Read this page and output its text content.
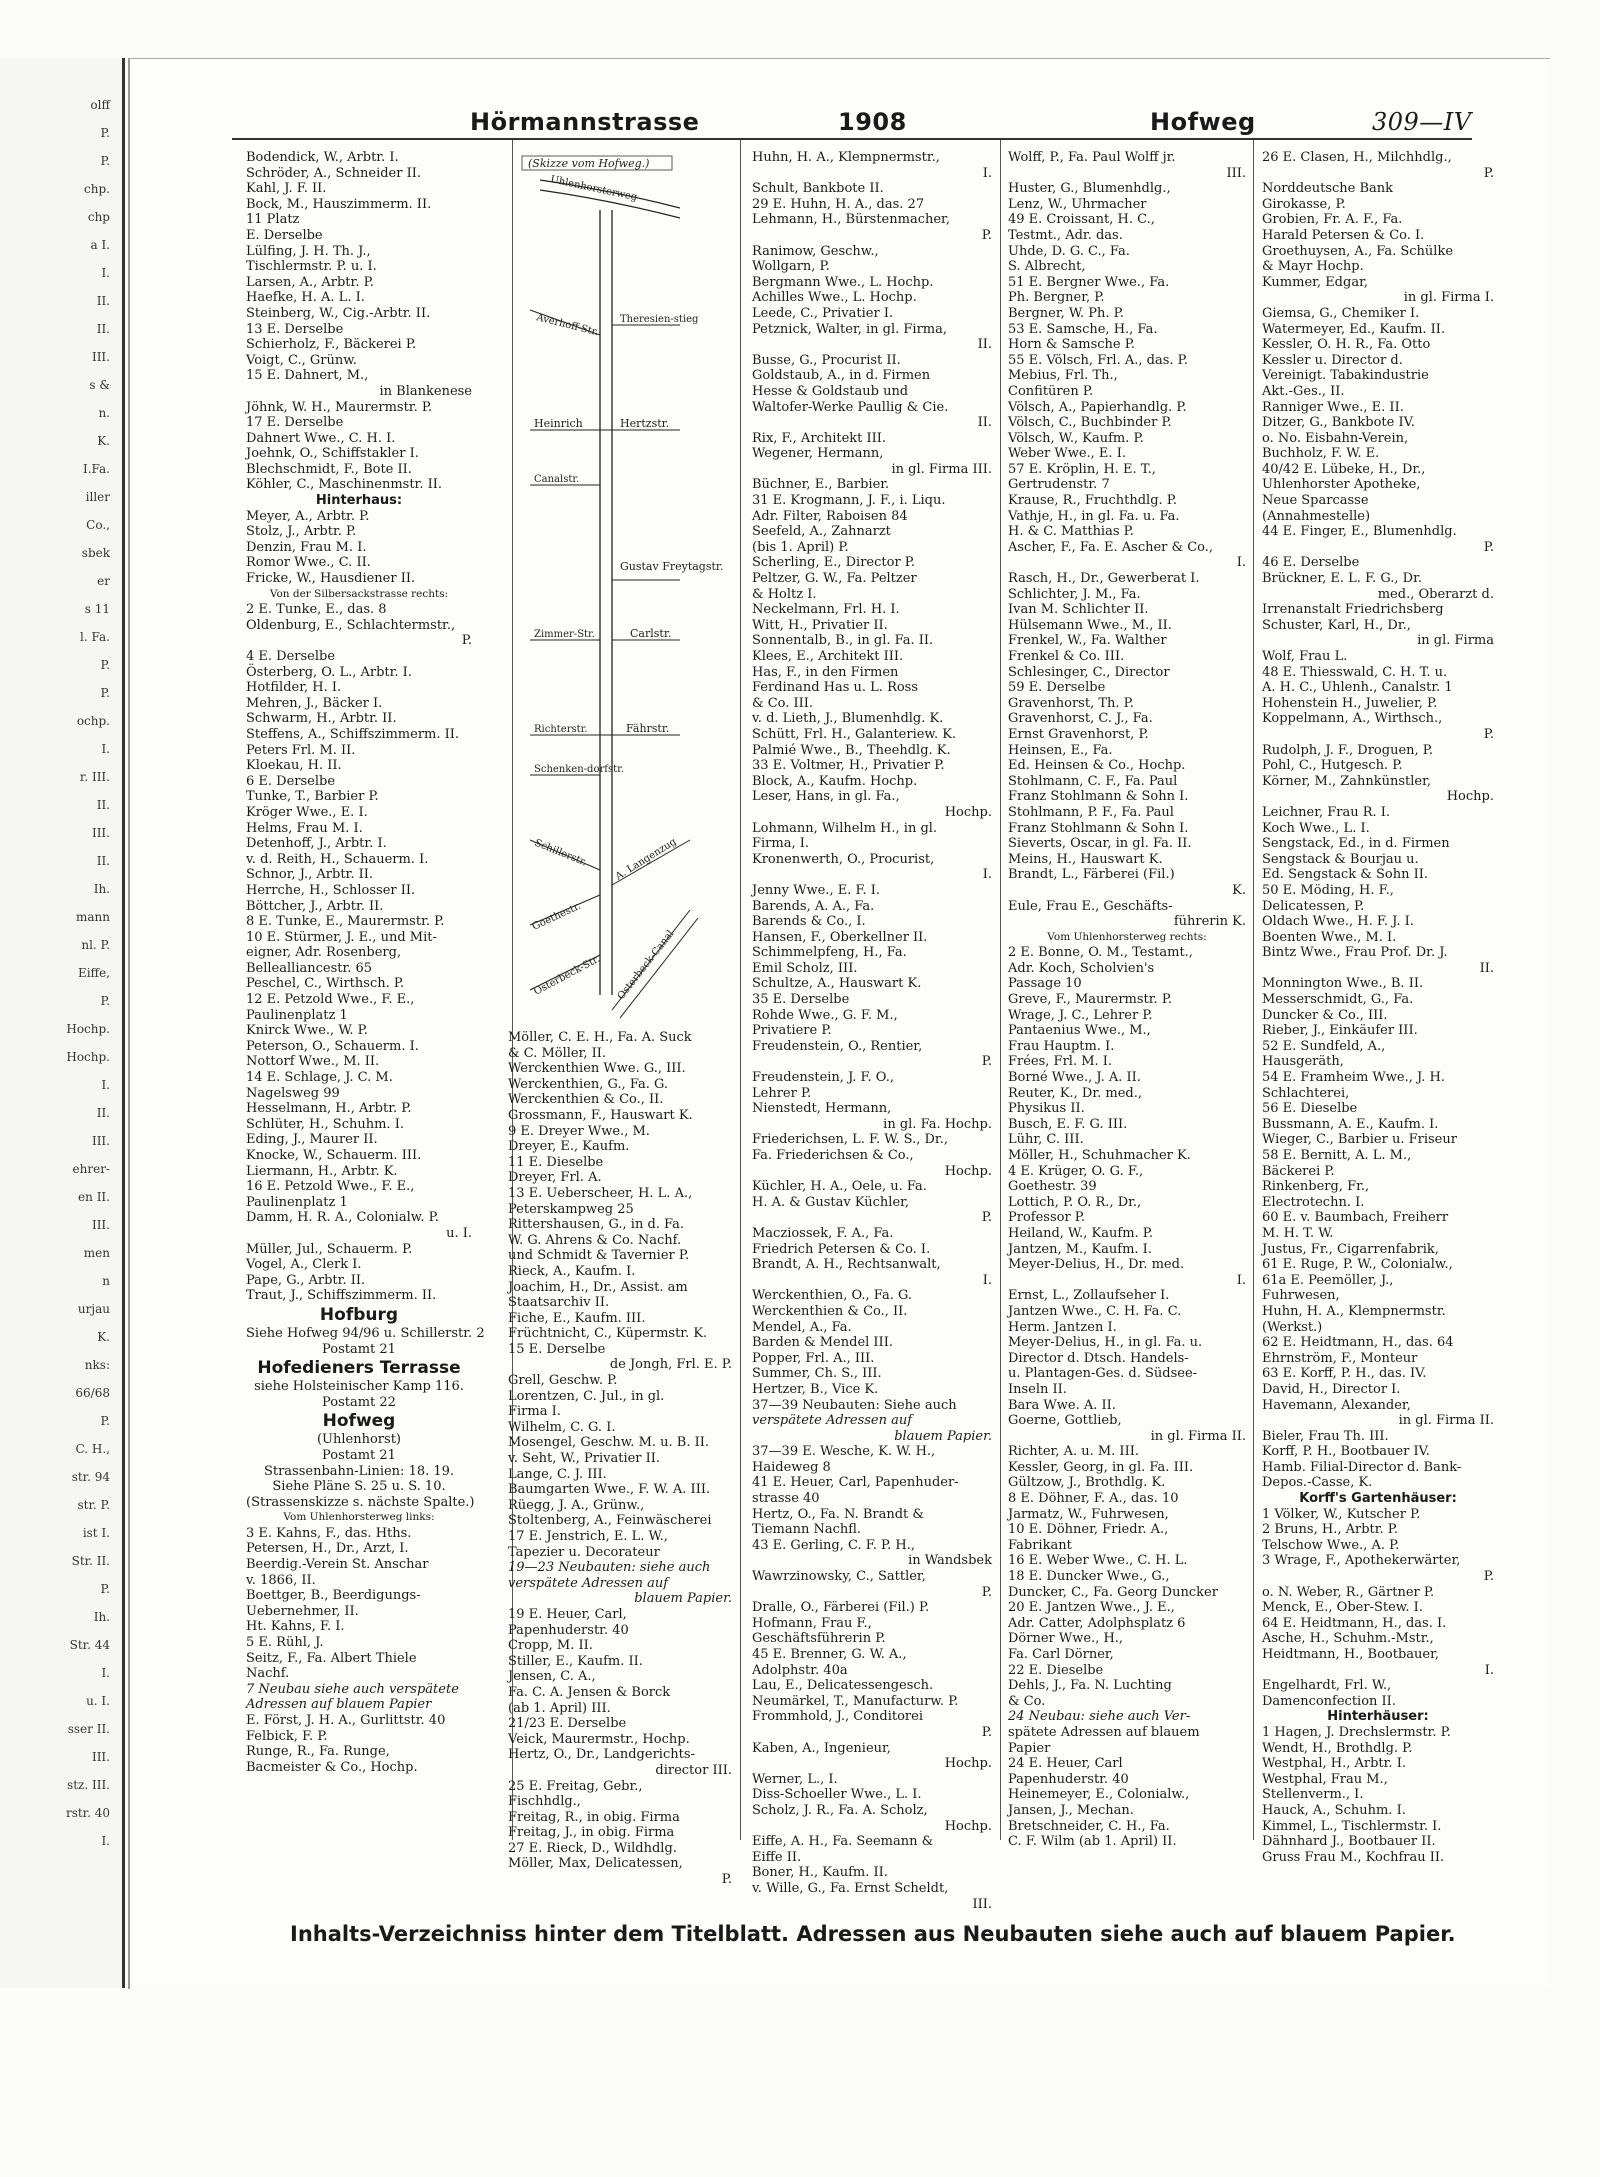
olff
P.
P.
chp.
chp
a I.
I.
II.
II.
III.
s &
n.
K.
I.Fa.
iller
Co.,
sbek
er
s 11
l. Fa.
P.
P.
ochp.
I.
r. III.
II.
III.
II.
Ih.
mann
nl. P.
Eiffe,
P.
Hochp.
Hochp.
I.
II.
III.
ehrer-
en II.
III.
men
n
urjau
K.
nks:
66/68
P.
C. H.,
str. 94
str. P.
ist I.
Str. II.
P.
Ih.
Str. 44
I.
u. I.
sser II.
III.
stz. III.
rstr. 40
I.
Hörmannstrasse	1908	Hofweg	309—IV
Bodendick, W., Arbtr. I.
Schröder, A., Schneider II.
Kahl, J. F. II.
Bock, M., Hauszimmerm. II.
11 Platz
E. Derselbe
Lülfing, J. H. Th. J.,
Tischlermstr. P. u. I.
Larsen, A., Arbtr. P.
Haefke, H. A. L. I.
Steinberg, W., Cig.-Arbtr. II.
13 E. Derselbe
Schierholz, F., Bäckerei P.
Voigt, C., Grünw.
15 E. Dahnert, M.,
in Blankenese
Jöhnk, W. H., Maurermstr. P.
17 E. Derselbe
Dahnert Wwe., C. H. I.
Joehnk, O., Schiffstakler I.
Blechschmidt, F., Bote II.
Köhler, C., Maschinenmstr. II.
Hinterhaus:
Meyer, A., Arbtr. P.
Stolz, J., Arbtr. P.
Denzin, Frau M. I.
Romor Wwe., C. II.
Fricke, W., Hausdiener II.
Von der Silbersackstrasse rechts:
2 E. Tunke, E., das. 8
Oldenburg, E., Schlachtermstr.,
P.
4 E. Derselbe
Österberg, O. L., Arbtr. I.
Hotfilder, H. I.
Mehren, J., Bäcker I.
Schwarm, H., Arbtr. II.
Steffens, A., Schiffszimmerm. II.
Peters Frl. M. II.
Kloekau, H. II.
6 E. Derselbe
Tunke, T., Barbier P.
Kröger Wwe., E. I.
Helms, Frau M. I.
Detenhoff, J., Arbtr. I.
v. d. Reith, H., Schauerm. I.
Schnor, J., Arbtr. II.
Herrche, H., Schlosser II.
Böttcher, J., Arbtr. II.
8 E. Tunke, E., Maurermstr. P.
10 E. Stürmer, J. E., und Mit-
eigner, Adr. Rosenberg,
Bellealliancestr. 65
Peschel, C., Wirthsch. P.
12 E. Petzold Wwe., F. E.,
Paulinenplatz 1
Knirck Wwe., W. P.
Peterson, O., Schauerm. I.
Nottorf Wwe., M. II.
14 E. Schlage, J. C. M.
Nagelsweg 99
Hesselmann, H., Arbtr. P.
Schlüter, H., Schuhm. I.
Eding, J., Maurer II.
Knocke, W., Schauerm. III.
Liermann, H., Arbtr. K.
16 E. Petzold Wwe., F. E.,
Paulinenplatz 1
Damm, H. R. A., Colonialw. P.
u. I.
Müller, Jul., Schauerm. P.
Vogel, A., Clerk I.
Pape, G., Arbtr. II.
Traut, J., Schiffszimmerm. II.
Hofburg
Siehe Hofweg 94/96 u. Schillerstr. 2
Postamt 21
Hofedieners Terrasse
siehe Holsteinischer Kamp 116.
Postamt 22
Hofweg
(Uhlenhorst)
Postamt 21
Strassenbahn-Linien: 18. 19.
Siehe Pläne S. 25 u. S. 10.
(Strassenskizze s. nächste Spalte.)
Vom Uhlenhorsterweg links:
3 E. Kahns, F., das. Hths.
Petersen, H., Dr., Arzt, I.
Beerdig.-Verein St. Anschar
v. 1866, II.
Boettger, B., Beerdigungs-
Uebernehmer, II.
Ht. Kahns, F. I.
5 E. Rühl, J.
Seitz, F., Fa. Albert Thiele
Nachf.
7 Neubau siehe auch verspätete
Adressen auf blauem Papier
E. Först, J. H. A., Gurlittstr. 40
Felbick, F. P.
Runge, R., Fa. Runge,
Bacmeister & Co., Hochp.
(Skizze vom Hofweg.)
Uhlenhorsterweg
Averhoff-Str. Theresien-stieg
Heinrich	Hertzstr.
Canalstr.
Gustav Freytagstr.
Zimmer-Str.	Carlstr.
Richterstr.	Fährstr.
Schenken-dorfstr.
Schillerstr.	A. Langenzug
Goethestr.
Osterbeck-Str. Osterbeck-Canal
Möller, C. E. H., Fa. A. Suck
& C. Möller, II.
Werckenthien Wwe. G., III.
Werckenthien, G., Fa. G.
Werckenthien & Co., II.
Grossmann, F., Hauswart K.
9 E. Dreyer Wwe., M.
Dreyer, E., Kaufm.
11 E. Dieselbe
Dreyer, Frl. A.
13 E. Ueberscheer, H. L. A.,
Peterskampweg 25
Rittershausen, G., in d. Fa.
W. G. Ahrens & Co. Nachf.
und Schmidt & Tavernier P.
Rieck, A., Kaufm. I.
Joachim, H., Dr., Assist. am
Staatsarchiv II.
Fiche, E., Kaufm. III.
Früchtnicht, C., Küpermstr. K.
15 E. Derselbe
de Jongh, Frl. E. P.
Grell, Geschw. P.
Lorentzen, C. Jul., in gl.
Firma I.
Wilhelm, C. G. I.
Mosengel, Geschw. M. u. B. II.
v. Seht, W., Privatier II.
Lange, C. J. III.
Baumgarten Wwe., F. W. A. III.
Rüegg, J. A., Grünw.,
Stoltenberg, A., Feinwäscherei
17 E. Jenstrich, E. L. W.,
Tapezier u. Decorateur
19—23 Neubauten: siehe auch
verspätete Adressen auf
blauem Papier.
19 E. Heuer, Carl,
Papenhuderstr. 40
Cropp, M. II.
Stiller, E., Kaufm. II.
Jensen, C. A.,
Fa. C. A. Jensen & Borck
(ab 1. April) III.
21/23 E. Derselbe
Veick, Maurermstr., Hochp.
Hertz, O., Dr., Landgerichts-
director III.
25 E. Freitag, Gebr.,
Fischhdlg.,
Freitag, R., in obig. Firma
Freitag, J., in obig. Firma
27 E. Rieck, D., Wildhdlg.
Möller, Max, Delicatessen,
P.
Huhn, H. A., Klempnermstr.,
I.
Schult, Bankbote II.
29 E. Huhn, H. A., das. 27
Lehmann, H., Bürstenmacher,
P.
Ranimow, Geschw.,
Wollgarn, P.
Bergmann Wwe., L. Hochp.
Achilles Wwe., L. Hochp.
Leede, C., Privatier I.
Petznick, Walter, in gl. Firma,
II.
Busse, G., Procurist II.
Goldstaub, A., in d. Firmen
Hesse & Goldstaub und
Waltofer-Werke Paullig & Cie.
II.
Rix, F., Architekt III.
Wegener, Hermann,
in gl. Firma III.
Büchner, E., Barbier.
31 E. Krogmann, J. F., i. Liqu.
Adr. Filter, Raboisen 84
Seefeld, A., Zahnarzt
(bis 1. April) P.
Scherling, E., Director P.
Peltzer, G. W., Fa. Peltzer
& Holtz I.
Neckelmann, Frl. H. I.
Witt, H., Privatier II.
Sonnentalb, B., in gl. Fa. II.
Klees, E., Architekt III.
Has, F., in den Firmen
Ferdinand Has u. L. Ross
& Co. III.
v. d. Lieth, J., Blumenhdlg. K.
Schütt, Frl. H., Galanteriew. K.
Palmié Wwe., B., Theehdlg. K.
33 E. Voltmer, H., Privatier P.
Block, A., Kaufm. Hochp.
Leser, Hans, in gl. Fa.,
Hochp.
Lohmann, Wilhelm H., in gl.
Firma, I.
Kronenwerth, O., Procurist,
I.
Jenny Wwe., E. F. I.
Barends, A. A., Fa.
Barends & Co., I.
Hansen, F., Oberkellner II.
Schimmelpfeng, H., Fa.
Emil Scholz, III.
Schultze, A., Hauswart K.
35 E. Derselbe
Rohde Wwe., G. F. M.,
Privatiere P.
Freudenstein, O., Rentier,
P.
Freudenstein, J. F. O.,
Lehrer P.
Nienstedt, Hermann,
in gl. Fa. Hochp.
Friederichsen, L. F. W. S., Dr.,
Fa. Friederichsen & Co.,
Hochp.
Küchler, H. A., Oele, u. Fa.
H. A. & Gustav Küchler,
P.
Macziossek, F. A., Fa.
Friedrich Petersen & Co. I.
Brandt, A. H., Rechtsanwalt,
I.
Werckenthien, O., Fa. G.
Werckenthien & Co., II.
Mendel, A., Fa.
Barden & Mendel III.
Popper, Frl. A., III.
Summer, Ch. S., III.
Hertzer, B., Vice K.
37—39 Neubauten: Siehe auch
verspätete Adressen auf
blauem Papier.
37—39 E. Wesche, K. W. H.,
Haideweg 8
41 E. Heuer, Carl, Papenhuder-
strasse 40
Hertz, O., Fa. N. Brandt &
Tiemann Nachfl.
43 E. Gerling, C. F. P. H.,
in Wandsbek
Wawrzinowsky, C., Sattler,
P.
Dralle, O., Färberei (Fil.) P.
Hofmann, Frau F.,
Geschäftsführerin P.
45 E. Brenner, G. W. A.,
Adolphstr. 40a
Lau, E., Delicatessengesch.
Neumärkel, T., Manufacturw. P.
Frommhold, J., Conditorei
P.
Kaben, A., Ingenieur,
Hochp.
Werner, L., I.
Diss-Schoeller Wwe., L. I.
Scholz, J. R., Fa. A. Scholz,
Hochp.
Eiffe, A. H., Fa. Seemann &
Eiffe II.
Boner, H., Kaufm. II.
v. Wille, G., Fa. Ernst Scheldt,
III.
Wolff, P., Fa. Paul Wolff jr.
III.
Huster, G., Blumenhdlg.,
Lenz, W., Uhrmacher
49 E. Croissant, H. C.,
Testmt., Adr. das.
Uhde, D. G. C., Fa.
S. Albrecht,
51 E. Bergner Wwe., Fa.
Ph. Bergner, P.
Bergner, W. Ph. P.
53 E. Samsche, H., Fa.
Horn & Samsche P.
55 E. Völsch, Frl. A., das. P.
Mebius, Frl. Th.,
Confitüren P.
Völsch, A., Papierhandlg. P.
Völsch, C., Buchbinder P.
Völsch, W., Kaufm. P.
Weber Wwe., E. I.
57 E. Kröplin, H. E. T.,
Gertrudenstr. 7
Krause, R., Fruchthdlg. P.
Vathje, H., in gl. Fa. u. Fa.
H. & C. Matthias P.
Ascher, F., Fa. E. Ascher & Co.,
I.
Rasch, H., Dr., Gewerberat I.
Schlichter, J. M., Fa.
Ivan M. Schlichter II.
Hülsemann Wwe., M., II.
Frenkel, W., Fa. Walther
Frenkel & Co. III.
Schlesinger, C., Director
59 E. Derselbe
Gravenhorst, Th. P.
Gravenhorst, C. J., Fa.
Ernst Gravenhorst, P.
Heinsen, E., Fa.
Ed. Heinsen & Co., Hochp.
Stohlmann, C. F., Fa. Paul
Franz Stohlmann & Sohn I.
Stohlmann, P. F., Fa. Paul
Franz Stohlmann & Sohn I.
Sieverts, Oscar, in gl. Fa. II.
Meins, H., Hauswart K.
Brandt, L., Färberei (Fil.)
K.
Eule, Frau E., Geschäfts-
führerin K.
Vom Uhlenhorsterweg rechts:
2 E. Bonne, O. M., Testamt.,
Adr. Koch, Scholvien's
Passage 10
Greve, F., Maurermstr. P.
Wrage, J. C., Lehrer P.
Pantaenius Wwe., M.,
Frau Hauptm. I.
Frées, Frl. M. I.
Borné Wwe., J. A. II.
Reuter, K., Dr. med.,
Physikus II.
Busch, E. F. G. III.
Lühr, C. III.
Möller, H., Schuhmacher K.
4 E. Krüger, O. G. F.,
Goethestr. 39
Lottich, P. O. R., Dr.,
Professor P.
Heiland, W., Kaufm. P.
Jantzen, M., Kaufm. I.
Meyer-Delius, H., Dr. med.
I.
Ernst, L., Zollaufseher I.
Jantzen Wwe., C. H. Fa. C.
Herm. Jantzen I.
Meyer-Delius, H., in gl. Fa. u.
Director d. Dtsch. Handels-
u. Plantagen-Ges. d. Südsee-
Inseln II.
Bara Wwe. A. II.
Goerne, Gottlieb,
in gl. Firma II.
Richter, A. u. M. III.
Kessler, Georg, in gl. Fa. III.
Gültzow, J., Brothdlg. K.
8 E. Döhner, F. A., das. 10
Jarmatz, W., Fuhrwesen,
10 E. Döhner, Friedr. A.,
Fabrikant
16 E. Weber Wwe., C. H. L.
18 E. Duncker Wwe., G.,
Duncker, C., Fa. Georg Duncker
20 E. Jantzen Wwe., J. E.,
Adr. Catter, Adolphsplatz 6
Dörner Wwe., H.,
Fa. Carl Dörner,
22 E. Dieselbe
Dehls, J., Fa. N. Luchting
& Co.
24 Neubau: siehe auch Ver-
spätete Adressen auf blauem
Papier
24 E. Heuer, Carl
Papenhuderstr. 40
Heinemeyer, E., Colonialw.,
Jansen, J., Mechan.
Bretschneider, C. H., Fa.
C. F. Wilm (ab 1. April) II.
26 E. Clasen, H., Milchhdlg.,
P.
Norddeutsche Bank
Girokasse, P.
Grobien, Fr. A. F., Fa.
Harald Petersen & Co. I.
Groethuysen, A., Fa. Schülke
& Mayr Hochp.
Kummer, Edgar,
in gl. Firma I.
Giemsa, G., Chemiker I.
Watermeyer, Ed., Kaufm. II.
Kessler, O. H. R., Fa. Otto
Kessler u. Director d.
Vereinigt. Tabakindustrie
Akt.-Ges., II.
Ranniger Wwe., E. II.
Ditzer, G., Bankbote IV.
o. No. Eisbahn-Verein,
Buchholz, F. W. E.
40/42 E. Lübeke, H., Dr.,
Uhlenhorster Apotheke,
Neue Sparcasse
(Annahmestelle)
44 E. Finger, E., Blumenhdlg.
P.
46 E. Derselbe
Brückner, E. L. F. G., Dr.
med., Oberarzt d.
Irrenanstalt Friedrichsberg
Schuster, Karl, H., Dr.,
in gl. Firma
Wolf, Frau L.
48 E. Thiesswald, C. H. T. u.
A. H. C., Uhlenh., Canalstr. 1
Hohenstein H., Juwelier, P.
Koppelmann, A., Wirthsch.,
P.
Rudolph, J. F., Droguen, P.
Pohl, C., Hutgesch. P.
Körner, M., Zahnkünstler,
Hochp.
Leichner, Frau R. I.
Koch Wwe., L. I.
Sengstack, Ed., in d. Firmen
Sengstack & Bourjau u.
Ed. Sengstack & Sohn II.
50 E. Möding, H. F.,
Delicatessen, P.
Oldach Wwe., H. F. J. I.
Boenten Wwe., M. I.
Bintz Wwe., Frau Prof. Dr. J.
II.
Monnington Wwe., B. II.
Messerschmidt, G., Fa.
Duncker & Co., III.
Rieber, J., Einkäufer III.
52 E. Sundfeld, A.,
Hausgeräth,
54 E. Framheim Wwe., J. H.
Schlachterei,
56 E. Dieselbe
Bussmann, A. E., Kaufm. I.
Wieger, C., Barbier u. Friseur
58 E. Bernitt, A. L. M.,
Bäckerei P.
Rinkenberg, Fr.,
Electrotechn. I.
60 E. v. Baumbach, Freiherr
M. H. T. W.
Justus, Fr., Cigarrenfabrik,
61 E. Ruge, P. W., Colonialw.,
61a E. Peemöller, J.,
Fuhrwesen,
Huhn, H. A., Klempnermstr.
(Werkst.)
62 E. Heidtmann, H., das. 64
Ehrnström, F., Monteur
63 E. Korff, P. H., das. IV.
David, H., Director I.
Havemann, Alexander,
in gl. Firma II.
Bieler, Frau Th. III.
Korff, P. H., Bootbauer IV.
Hamb. Filial-Director d. Bank-
Depos.-Casse, K.
Korff's Gartenhäuser:
1 Völker, W., Kutscher P.
2 Bruns, H., Arbtr. P.
Telschow Wwe., A. P.
3 Wrage, F., Apothekerwärter,
P.
o. N. Weber, R., Gärtner P.
Menck, E., Ober-Stew. I.
64 E. Heidtmann, H., das. I.
Asche, H., Schuhm.-Mstr.,
Heidtmann, H., Bootbauer,
I.
Engelhardt, Frl. W.,
Damenconfection II.
Hinterhäuser:
1 Hagen, J. Drechslermstr. P.
Wendt, H., Brothdlg. P.
Westphal, H., Arbtr. I.
Westphal, Frau M.,
Stellenverm., I.
Hauck, A., Schuhm. I.
Kimmel, L., Tischlermstr. I.
Dähnhard J., Bootbauer II.
Gruss Frau M., Kochfrau II.
Inhalts-Verzeichniss hinter dem Titelblatt. Adressen aus Neubauten siehe auch auf blauem Papier.
